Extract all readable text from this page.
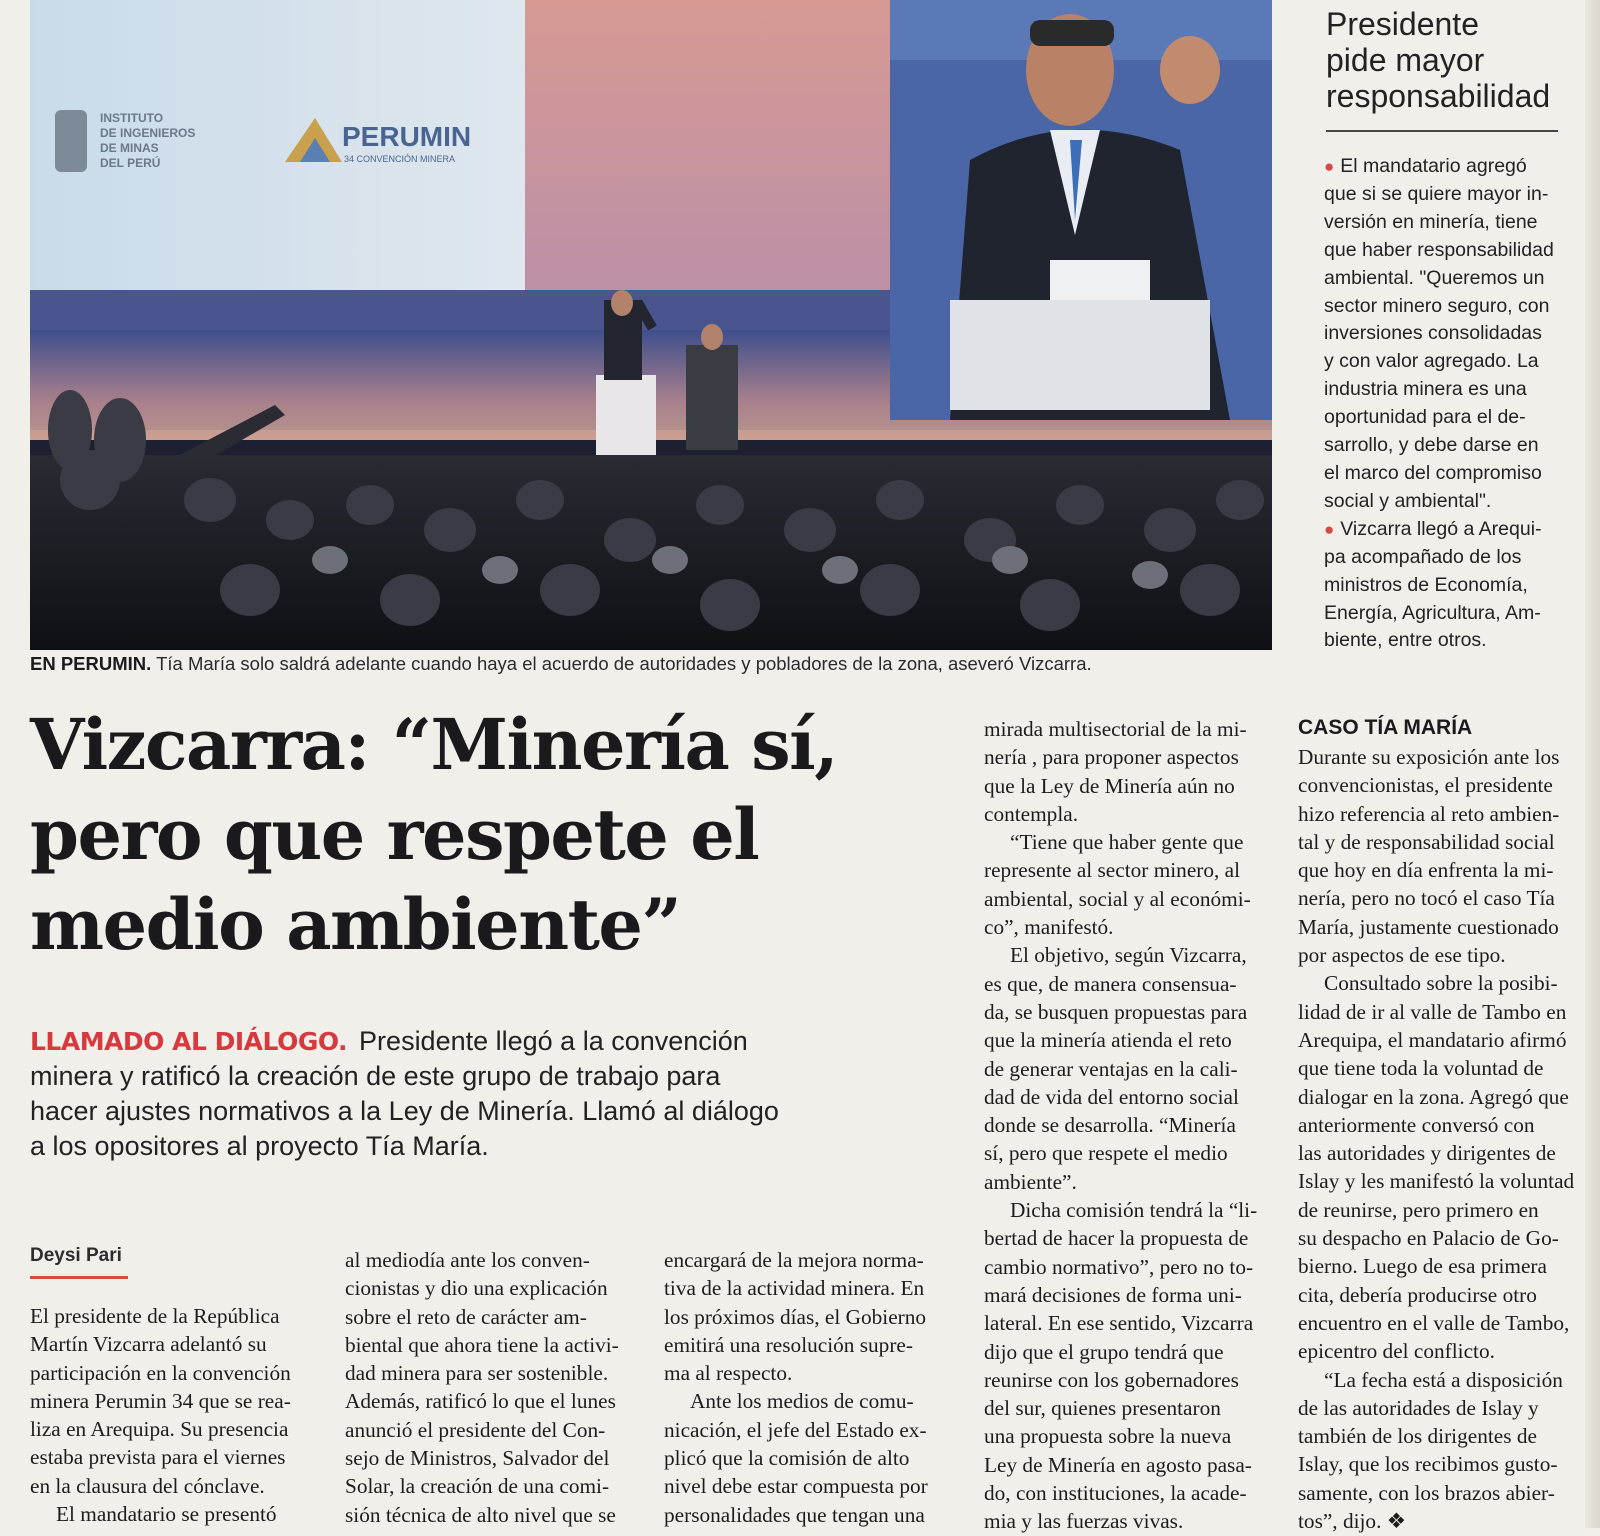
INSTITUTO
DE INGENIEROS
DE MINAS
DEL PERÚ
PERUMIN
34 CONVENCIÓN MINERA
EN PERUMIN. Tía María solo saldrá adelante cuando haya el acuerdo de autoridades y pobladores de la zona, aseveró Vizcarra.
Vizcarra: “Minería sí,
pero que respete el
medio ambiente”
LLAMADO AL DIÁLOGO. Presidente llegó a la convención
minera y ratificó la creación de este grupo de trabajo para
hacer ajustes normativos a la Ley de Minería. Llamó al diálogo
a los opositores al proyecto Tía María.
Deysi Pari
El presidente de la República
Martín Vizcarra adelantó su
participación en la convención
minera Perumin 34 que se rea-
liza en Arequipa. Su presencia
estaba prevista para el viernes
en la clausura del cónclave.
El mandatario se presentó
al mediodía ante los conven-
cionistas y dio una explicación
sobre el reto de carácter am-
biental que ahora tiene la activi-
dad minera para ser sostenible.
Además, ratificó lo que el lunes
anunció el presidente del Con-
sejo de Ministros, Salvador del
Solar, la creación de una comi-
sión técnica de alto nivel que se
encargará de la mejora norma-
tiva de la actividad minera. En
los próximos días, el Gobierno
emitirá una resolución supre-
ma al respecto.
Ante los medios de comu-
nicación, el jefe del Estado ex-
plicó que la comisión de alto
nivel debe estar compuesta por
personalidades que tengan una
mirada multisectorial de la mi-
nería , para proponer aspectos
que la Ley de Minería aún no
contempla.
“Tiene que haber gente que
represente al sector minero, al
ambiental, social y al económi-
co”, manifestó.
El objetivo, según Vizcarra,
es que, de manera consensua-
da, se busquen propuestas para
que la minería atienda el reto
de generar ventajas en la cali-
dad de vida del entorno social
donde se desarrolla. “Minería
sí, pero que respete el medio
ambiente”.
Dicha comisión tendrá la “li-
bertad de hacer la propuesta de
cambio normativo”, pero no to-
mará decisiones de forma uni-
lateral. En ese sentido, Vizcarra
dijo que el grupo tendrá que
reunirse con los gobernadores
del sur, quienes presentaron
una propuesta sobre la nueva
Ley de Minería en agosto pasa-
do, con instituciones, la acade-
mia y las fuerzas vivas.
CASO TÍA MARÍA
Durante su exposición ante los
convencionistas, el presidente
hizo referencia al reto ambien-
tal y de responsabilidad social
que hoy en día enfrenta la mi-
nería, pero no tocó el caso Tía
María, justamente cuestionado
por aspectos de ese tipo.
Consultado sobre la posibi-
lidad de ir al valle de Tambo en
Arequipa, el mandatario afirmó
que tiene toda la voluntad de
dialogar en la zona. Agregó que
anteriormente conversó con
las autoridades y dirigentes de
Islay y les manifestó la voluntad
de reunirse, pero primero en
su despacho en Palacio de Go-
bierno. Luego de esa primera
cita, debería producirse otro
encuentro en el valle de Tambo,
epicentro del conflicto.
“La fecha está a disposición
de las autoridades de Islay y
también de los dirigentes de
Islay, que los recibimos gusto-
samente, con los brazos abier-
tos”, dijo. ❖
Presidente
pide mayor
responsabilidad
● El mandatario agregó
que si se quiere mayor in-
versión en minería, tiene
que haber responsabilidad
ambiental. "Queremos un
sector minero seguro, con
inversiones consolidadas
y con valor agregado. La
industria minera es una
oportunidad para el de-
sarrollo, y debe darse en
el marco del compromiso
social y ambiental".
● Vizcarra llegó a Arequi-
pa acompañado de los
ministros de Economía,
Energía, Agricultura, Am-
biente, entre otros.
